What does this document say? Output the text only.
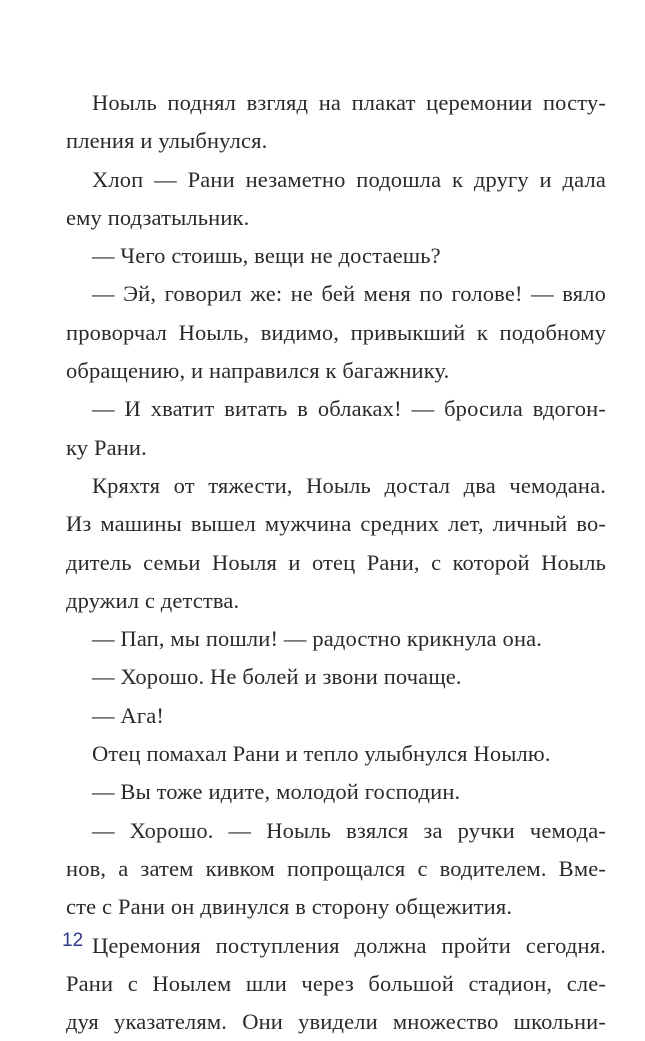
Ноыль поднял взгляд на плакат церемонии посту-
пления и улыбнулся.
Хлоп — Рани незаметно подошла к другу и дала
ему подзатыльник.
— Чего стоишь, вещи не достаешь?
— Эй, говорил же: не бей меня по голове! — вяло
проворчал Ноыль, видимо, привыкший к подобному
обращению, и направился к багажнику.
— И хватит витать в облаках! — бросила вдогон-
ку Рани.
Кряхтя от тяжести, Ноыль достал два чемодана.
Из машины вышел мужчина средних лет, личный во-
дитель семьи Ноыля и отец Рани, с которой Ноыль
дружил с детства.
— Пап, мы пошли! — радостно крикнула она.
— Хорошо. Не болей и звони почаще.
— Ага!
Отец помахал Рани и тепло улыбнулся Ноылю.
— Вы тоже идите, молодой господин.
— Хорошо. — Ноыль взялся за ручки чемода-
нов, а затем кивком попрощался с водителем. Вме-
сте с Рани он двинулся в сторону общежития.
Церемония поступления должна пройти сегодня.
Рани с Ноылем шли через большой стадион, сле-
дуя указателям. Они увидели множество школьни-
12
